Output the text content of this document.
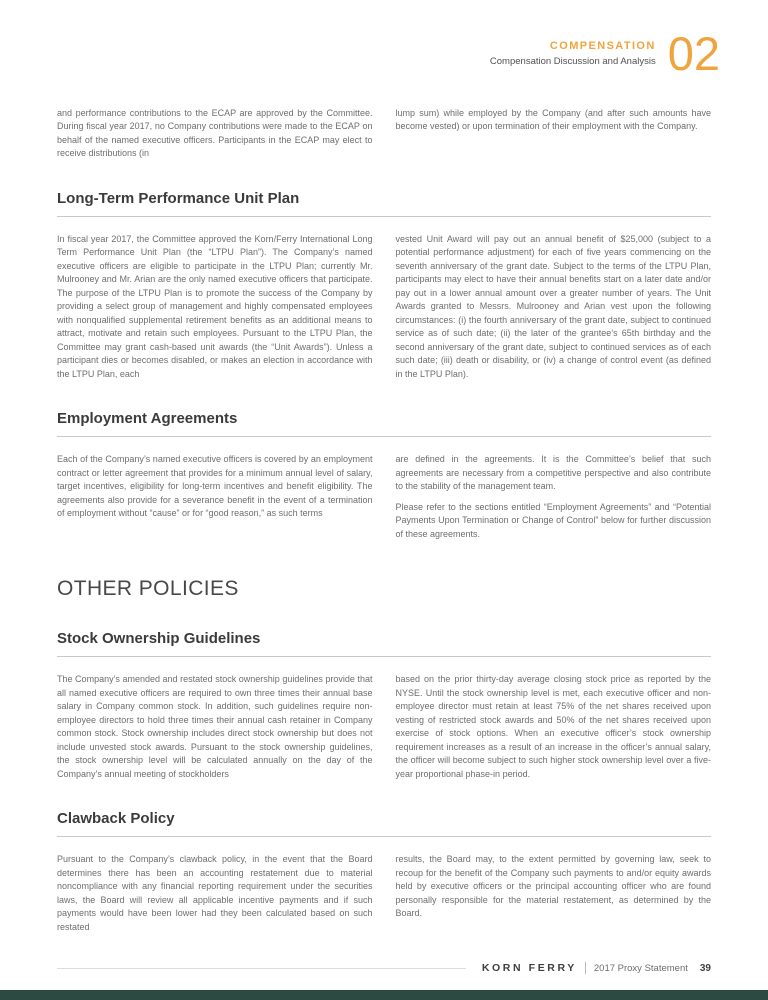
COMPENSATION
Compensation Discussion and Analysis 02

and performance contributions to the ECAP are approved by the Committee. During fiscal year 2017, no Company contributions were made to the ECAP on behalf of the named executive officers. Participants in the ECAP may elect to receive distributions (in

lump sum) while employed by the Company (and after such amounts have become vested) or upon termination of their employment with the Company.

Long-Term Performance Unit Plan

In fiscal year 2017, the Committee approved the Korn/Ferry International Long Term Performance Unit Plan (the “LTPU Plan”). The Company’s named executive officers are eligible to participate in the LTPU Plan; currently Mr. Mulrooney and Mr. Arian are the only named executive officers that participate. The purpose of the LTPU Plan is to promote the success of the Company by providing a select group of management and highly compensated employees with nonqualified supplemental retirement benefits as an additional means to attract, motivate and retain such employees. Pursuant to the LTPU Plan, the Committee may grant cash-based unit awards (the “Unit Awards”). Unless a participant dies or becomes disabled, or makes an election in accordance with the LTPU Plan, each

vested Unit Award will pay out an annual benefit of $25,000 (subject to a potential performance adjustment) for each of five years commencing on the seventh anniversary of the grant date. Subject to the terms of the LTPU Plan, participants may elect to have their annual benefits start on a later date and/or pay out in a lower annual amount over a greater number of years. The Unit Awards granted to Messrs. Mulrooney and Arian vest upon the following circumstances: (i) the fourth anniversary of the grant date, subject to continued service as of such date; (ii) the later of the grantee’s 65th birthday and the second anniversary of the grant date, subject to continued services as of each such date; (iii) death or disability, or (iv) a change of control event (as defined in the LTPU Plan).

Employment Agreements

Each of the Company’s named executive officers is covered by an employment contract or letter agreement that provides for a minimum annual level of salary, target incentives, eligibility for long-term incentives and benefit eligibility. The agreements also provide for a severance benefit in the event of a termination of employment without “cause” or for “good reason,” as such terms

are defined in the agreements. It is the Committee’s belief that such agreements are necessary from a competitive perspective and also contribute to the stability of the management team.

Please refer to the sections entitled “Employment Agreements” and “Potential Payments Upon Termination or Change of Control” below for further discussion of these agreements.

OTHER POLICIES
Stock Ownership Guidelines

The Company’s amended and restated stock ownership guidelines provide that all named executive officers are required to own three times their annual base salary in Company common stock. In addition, such guidelines require non-employee directors to hold three times their annual cash retainer in Company common stock. Stock ownership includes direct stock ownership but does not include unvested stock awards. Pursuant to the stock ownership guidelines, the stock ownership level will be calculated annually on the day of the Company’s annual meeting of stockholders

based on the prior thirty-day average closing stock price as reported by the NYSE. Until the stock ownership level is met, each executive officer and non-employee director must retain at least 75% of the net shares received upon vesting of restricted stock awards and 50% of the net shares received upon exercise of stock options. When an executive officer’s stock ownership requirement increases as a result of an increase in the officer’s annual salary, the officer will become subject to such higher stock ownership level over a five-year proportional phase-in period.

Clawback Policy

Pursuant to the Company’s clawback policy, in the event that the Board determines there has been an accounting restatement due to material noncompliance with any financial reporting requirement under the securities laws, the Board will review all applicable incentive payments and if such payments would have been lower had they been calculated based on such restated

results, the Board may, to the extent permitted by governing law, seek to recoup for the benefit of the Company such payments to and/or equity awards held by executive officers or the principal accounting officer who are found personally responsible for the material restatement, as determined by the Board.

KORN FERRY 2017 Proxy Statement 39
